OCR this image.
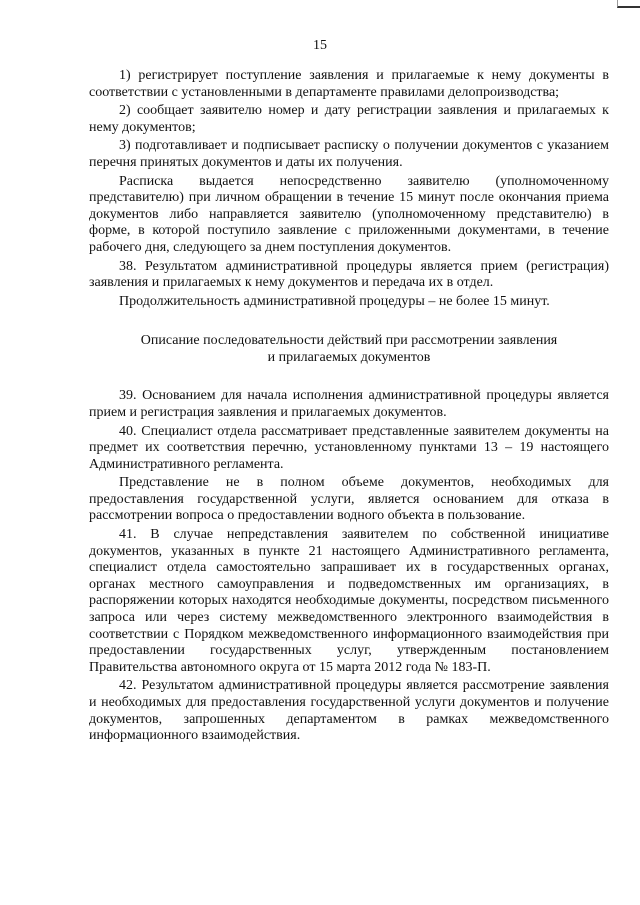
15

1) регистрирует поступление заявления и прилагаемые к нему документы в соответствии с установленными в департаменте правилами делопроизводства;

2) сообщает заявителю номер и дату регистрации заявления и прилагаемых к нему документов;

3) подготавливает и подписывает расписку о получении документов с указанием перечня принятых документов и даты их получения.

Расписка выдается непосредственно заявителю (уполномоченному представителю) при личном обращении в течение 15 минут после окончания приема документов либо направляется заявителю (уполномоченному представителю) в форме, в которой поступило заявление с приложенными документами, в течение рабочего дня, следующего за днем поступления документов.

38. Результатом административной процедуры является прием (регистрация) заявления и прилагаемых к нему документов и передача их в отдел.

Продолжительность административной процедуры – не более 15 минут.

Описание последовательности действий при рассмотрении заявления
и прилагаемых документов

39. Основанием для начала исполнения административной процедуры является прием и регистрация заявления и прилагаемых документов.

40. Специалист отдела рассматривает представленные заявителем документы на предмет их соответствия перечню, установленному пунктами 13 – 19 настоящего Административного регламента.

Представление не в полном объеме документов, необходимых для предоставления государственной услуги, является основанием для отказа в рассмотрении вопроса о предоставлении водного объекта в пользование.

41. В случае непредставления заявителем по собственной инициативе документов, указанных в пункте 21 настоящего Административного регламента, специалист отдела самостоятельно запрашивает их в государственных органах, органах местного самоуправления и подведомственных им организациях, в распоряжении которых находятся необходимые документы, посредством письменного запроса или через систему межведомственного электронного взаимодействия в соответствии с Порядком межведомственного информационного взаимодействия при предоставлении государственных услуг, утвержденным постановлением Правительства автономного округа от 15 марта 2012 года № 183-П.

42. Результатом административной процедуры является рассмотрение заявления и необходимых для предоставления государственной услуги документов и получение документов, запрошенных департаментом в рамках межведомственного информационного взаимодействия.
